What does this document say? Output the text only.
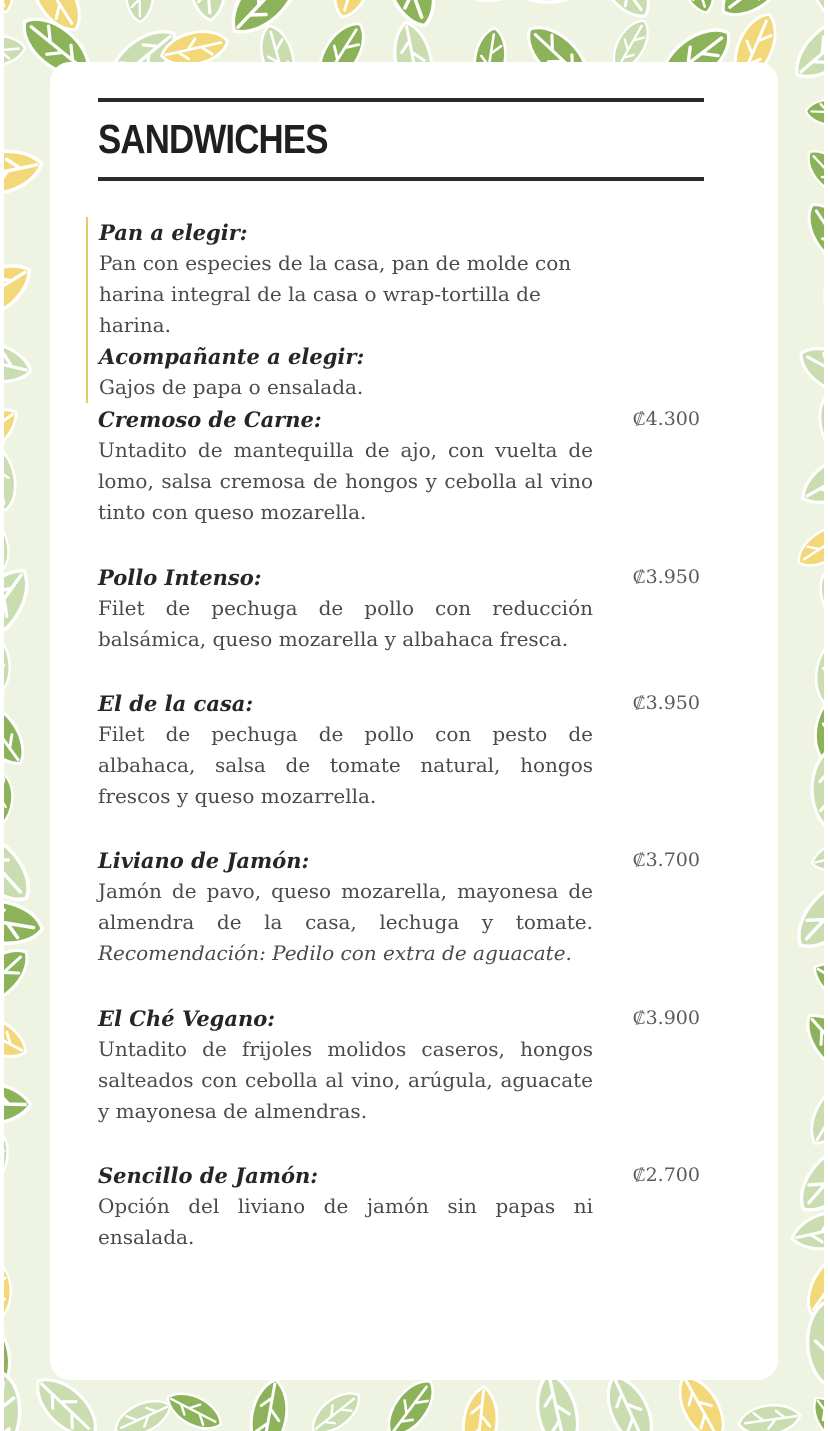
SANDWICHES

Pan a elegir:

Pan con especies de la casa, pan de molde con harina integral de la casa o wrap-tortilla de harina.

Acompañante a elegir:

Gajos de papa o ensalada.

Cremoso de Carne:	₡4.300

Untadito de mantequilla de ajo, con vuelta de lomo, salsa cremosa de hongos y cebolla al vino tinto con queso mozarella.

Pollo Intenso:	₡3.950

Filet de pechuga de pollo con reducción balsámica, queso mozarella y albahaca fresca.

El de la casa:	₡3.950

Filet de pechuga de pollo con pesto de albahaca, salsa de tomate natural, hongos frescos y queso mozarrella.

Liviano de Jamón:	₡3.700

Jamón de pavo, queso mozarella, mayonesa de almendra de la casa, lechuga y tomate. Recomendación: Pedilo con extra de aguacate.

El Ché Vegano:	₡3.900

Untadito de frijoles molidos caseros, hongos salteados con cebolla al vino, arúgula, aguacate y mayonesa de almendras.

Sencillo de Jamón:	₡2.700

Opción del liviano de jamón sin papas ni ensalada.
